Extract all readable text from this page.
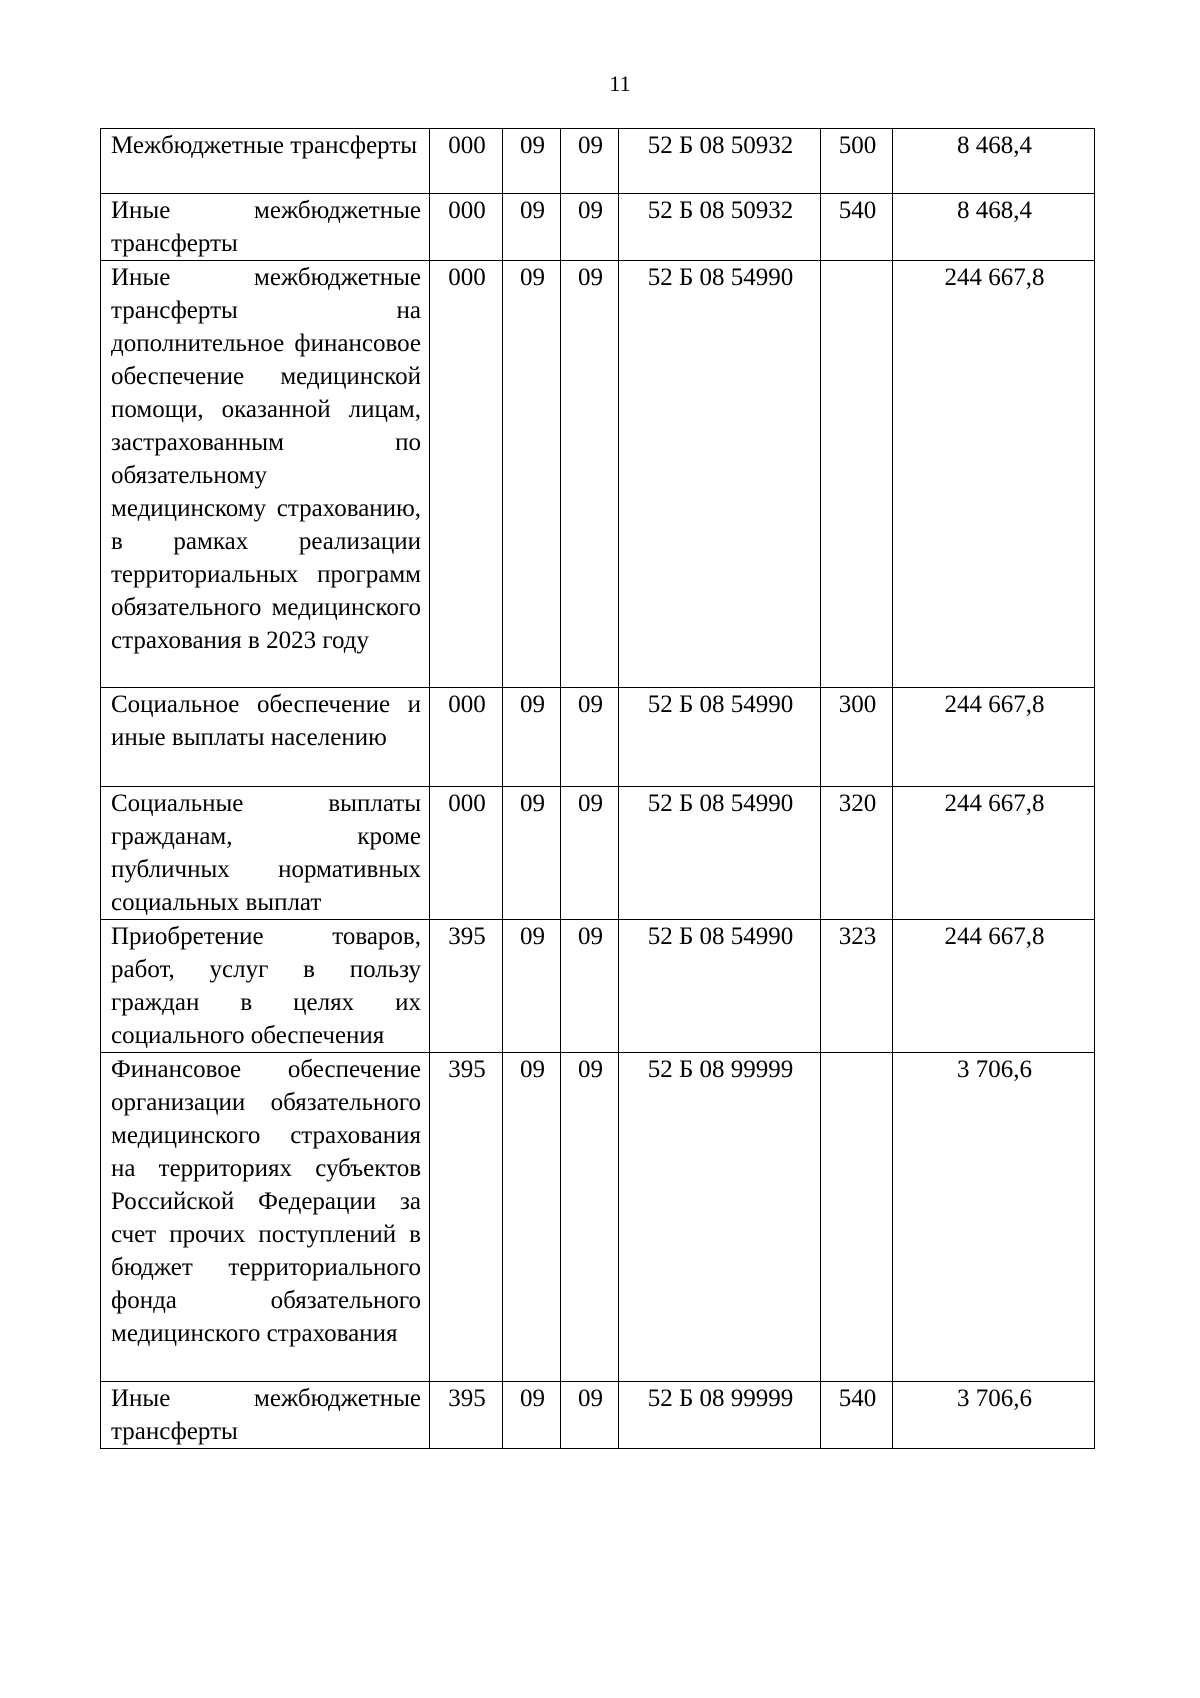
11
Межбюджетные трансферты	000	09	09	52 Б 08 50932	500	8 468,4
Иные межбюджетные трансферты	000	09	09	52 Б 08 50932	540	8 468,4
Иные межбюджетные трансферты на дополнительное финансовое обеспечение медицинской помощи, оказанной лицам, застрахованным по обязательному медицинскому страхованию, в рамках реализации территориальных программ обязательного медицинского страхования в 2023 году	000	09	09	52 Б 08 54990		244 667,8
Социальное обеспечение и иные выплаты населению	000	09	09	52 Б 08 54990	300	244 667,8
Социальные выплаты гражданам, кроме публичных нормативных социальных выплат	000	09	09	52 Б 08 54990	320	244 667,8
Приобретение товаров, работ, услуг в пользу граждан в целях их социального обеспечения	395	09	09	52 Б 08 54990	323	244 667,8
Финансовое обеспечение организации обязательного медицинского страхования на территориях субъектов Российской Федерации за счет прочих поступлений в бюджет территориального фонда обязательного медицинского страхования	395	09	09	52 Б 08 99999		3 706,6
Иные межбюджетные трансферты	395	09	09	52 Б 08 99999	540	3 706,6
